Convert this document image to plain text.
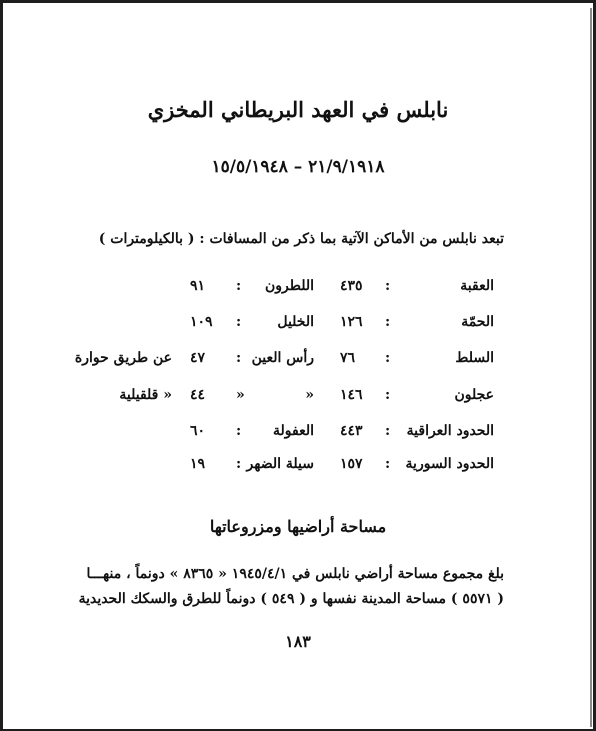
نابلس في العهد البريطاني المخزي
٢١/٩/١٩١٨ – ١٥/٥/١٩٤٨
تبعد نابلس من الأماكن الآتية بما ذكر من المسافات : ( بالكيلومترات )
العقبة
:
٤٣٥
اللطرون
:
٩١
الحمّة
:
١٢٦
الخليل
:
١٠٩
السلط
:
٧٦
رأس العين
:
٤٧
عن طريق حوارة
عجلون
:
١٤٦
«
«
٤٤
« قلقيلية
الحدود العراقية
:
٤٤٣
العفولة
:
٦٠
الحدود السورية
:
١٥٧
سيلة الضهر
:
١٩
مساحة أراضيها ومزروعاتها
بلغ مجموع مساحة أراضي نابلس في ١٩٤٥/٤/١ « ٨٣٦٥ » دونماً ، منهـــا
( ٥٥٧١ ) مساحة المدينة نفسها و ( ٥٤٩ ) دونماً للطرق والسكك الحديدية
١٨٣
